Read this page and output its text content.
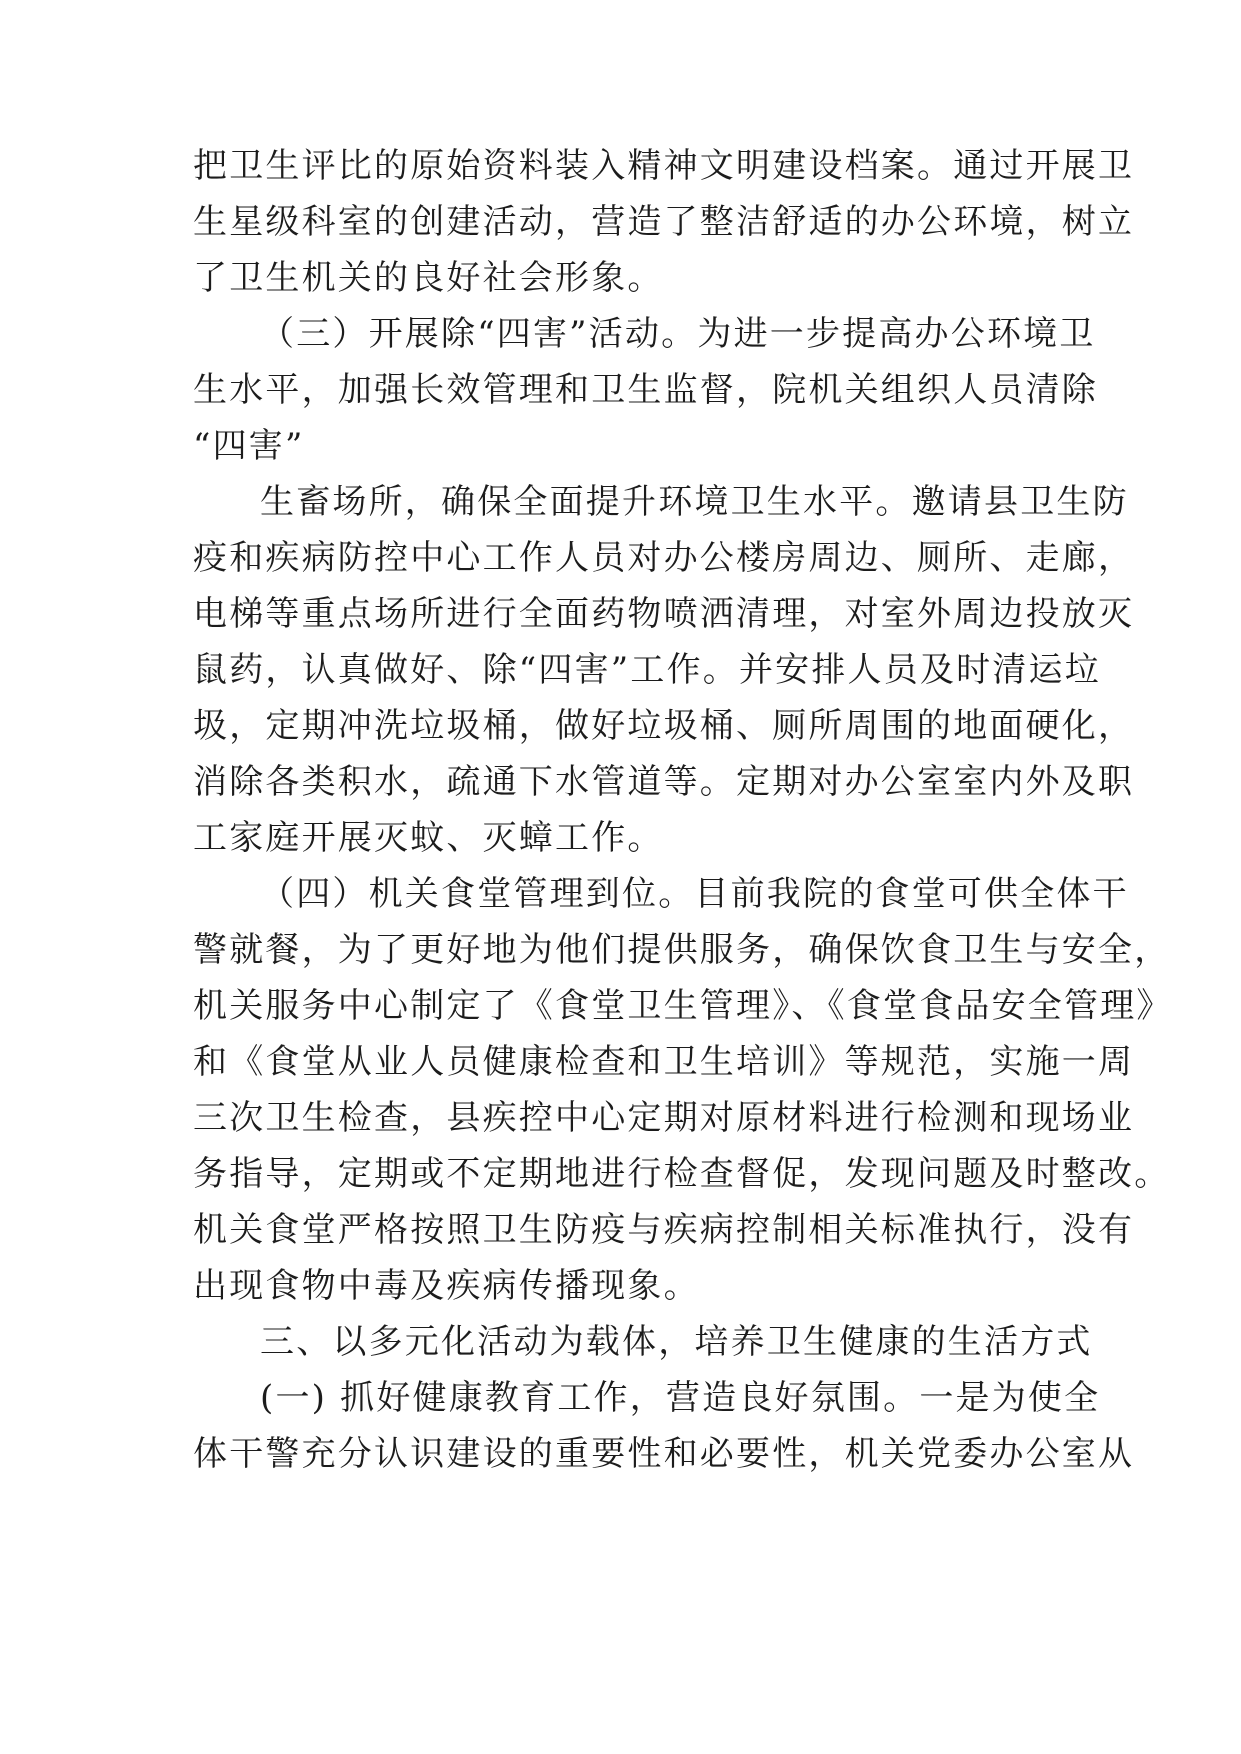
把卫生评比的原始资料装入精神文明建设档案。通过开展卫
生星级科室的创建活动，营造了整洁舒适的办公环境，树立
了卫生机关的良好社会形象。
（三）开展除“四害”活动。为进一步提高办公环境卫
生水平，加强长效管理和卫生监督，院机关组织人员清除
“四害”
生畜场所，确保全面提升环境卫生水平。邀请县卫生防
疫和疾病防控中心工作人员对办公楼房周边、厕所、走廊，
电梯等重点场所进行全面药物喷洒清理，对室外周边投放灭
鼠药，认真做好、除“四害”工作。并安排人员及时清运垃
圾，定期冲洗垃圾桶，做好垃圾桶、厕所周围的地面硬化，
消除各类积水，疏通下水管道等。定期对办公室室内外及职
工家庭开展灭蚊、灭蟑工作。
（四）机关食堂管理到位。目前我院的食堂可供全体干
警就餐，为了更好地为他们提供服务，确保饮食卫生与安全，
机关服务中心制定了《食堂卫生管理》、《食堂食品安全管理》
和《食堂从业人员健康检查和卫生培训》等规范，实施一周
三次卫生检查，县疾控中心定期对原材料进行检测和现场业
务指导，定期或不定期地进行检查督促，发现问题及时整改。
机关食堂严格按照卫生防疫与疾病控制相关标准执行，没有
出现食物中毒及疾病传播现象。
三、以多元化活动为载体，培养卫生健康的生活方式
(一) 抓好健康教育工作，营造良好氛围。一是为使全
体干警充分认识建设的重要性和必要性，机关党委办公室从
